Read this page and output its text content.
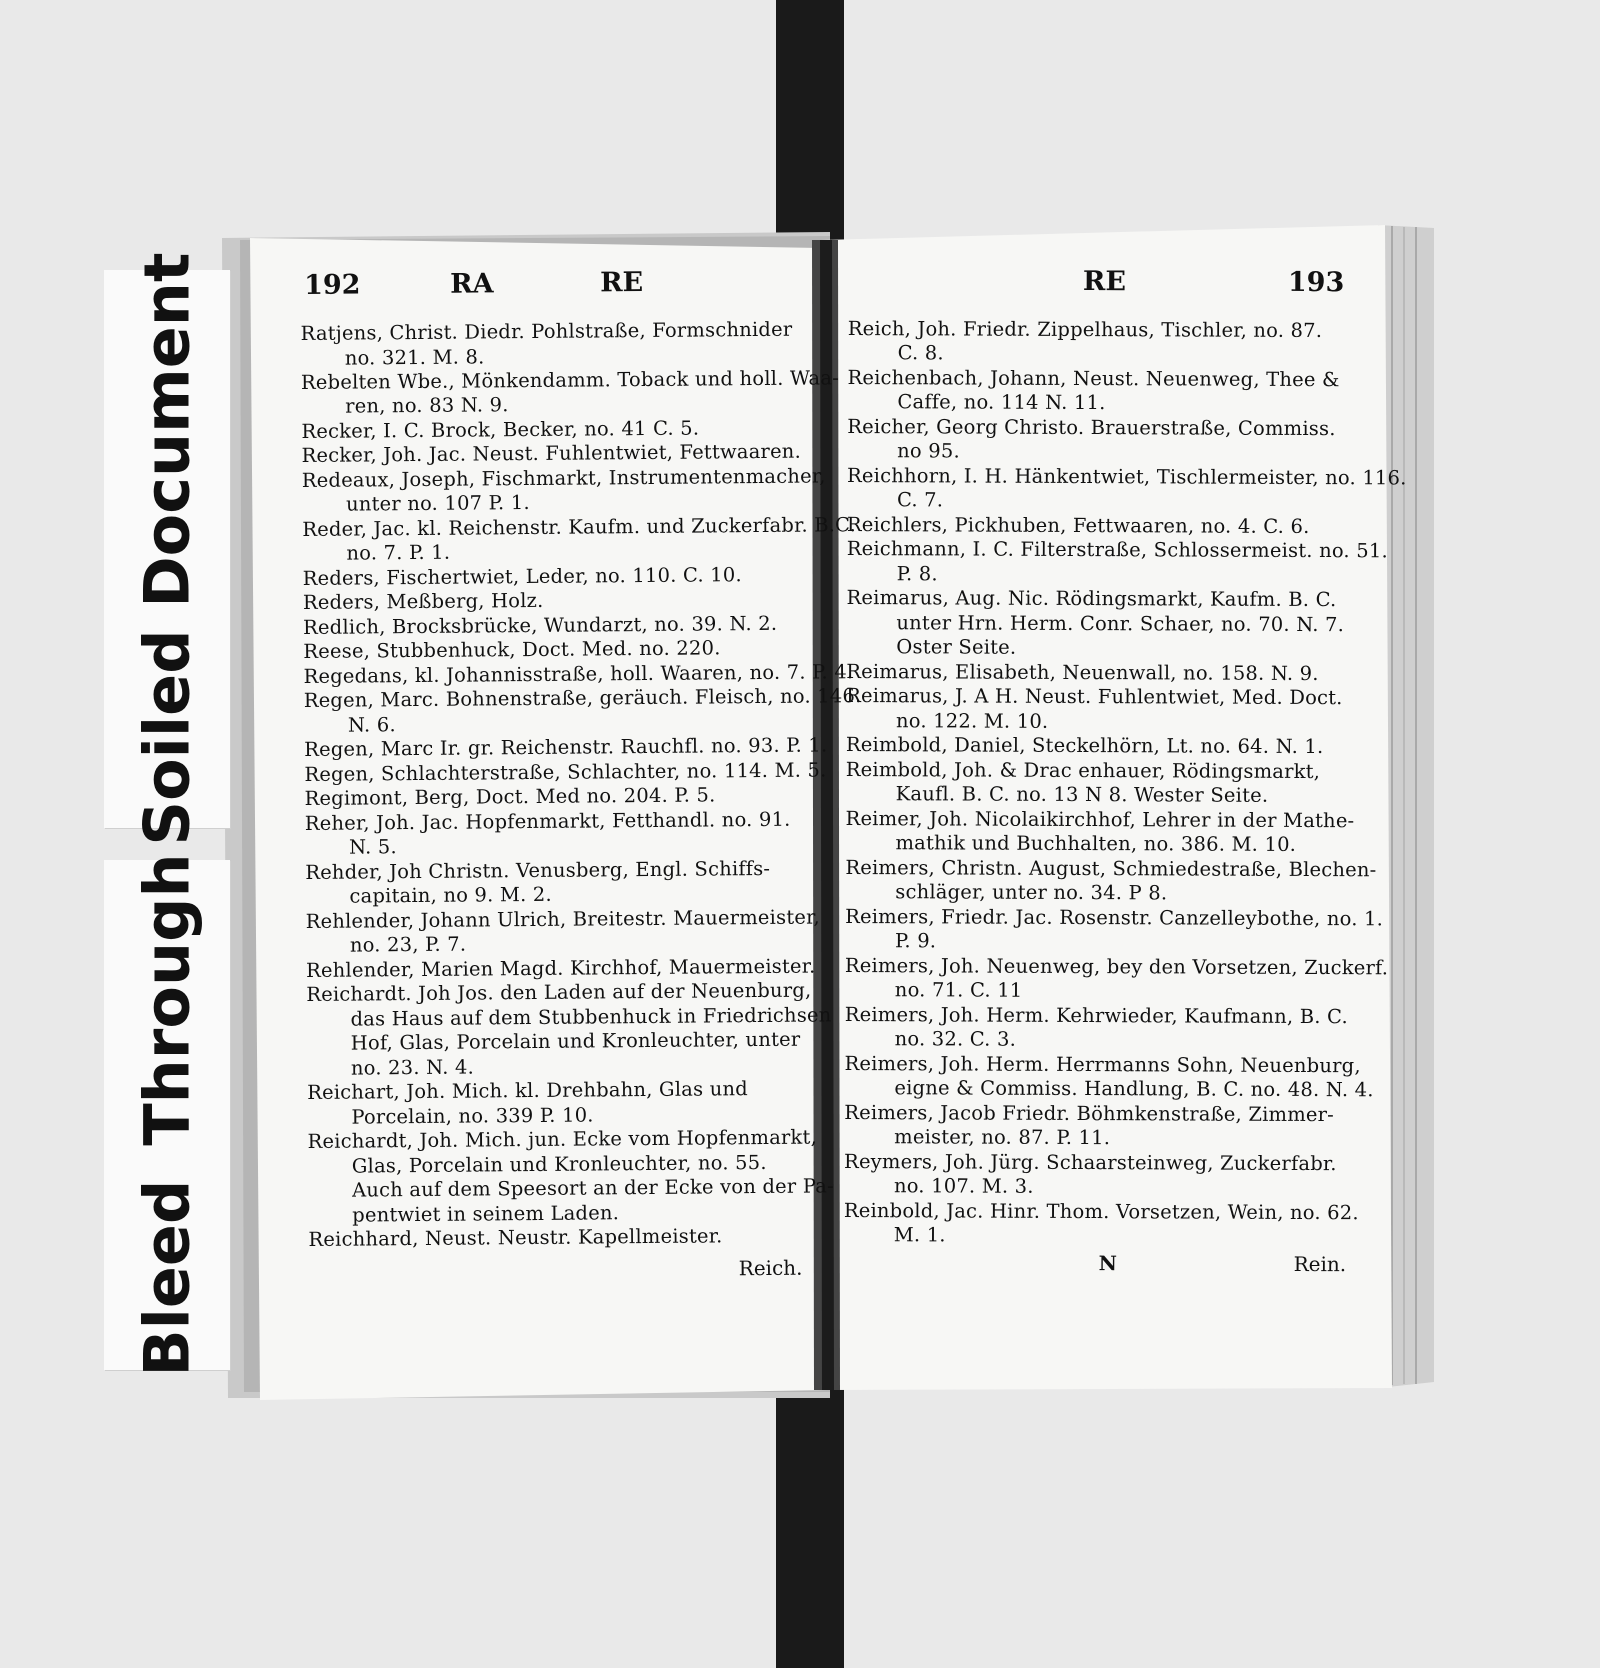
Soiled Document
BleedThrough
192	RA	RE
Ratjens, Christ. Diedr. Pohlstraße, Formschnider
no. 321. M. 8.
Rebelten Wbe., Mönkendamm. Toback und holl. Waa-
ren, no. 83 N. 9.
Recker, I. C. Brock, Becker, no. 41 C. 5.
Recker, Joh. Jac. Neust. Fuhlentwiet, Fettwaaren.
Redeaux, Joseph, Fischmarkt, Instrumentenmacher,
unter no. 107 P. 1.
Reder, Jac. kl. Reichenstr. Kaufm. und Zuckerfabr. B.C.
no. 7. P. 1.
Reders, Fischertwiet, Leder, no. 110. C. 10.
Reders, Meßberg, Holz.
Redlich, Brocksbrücke, Wundarzt, no. 39. N. 2.
Reese, Stubbenhuck, Doct. Med. no. 220.
Regedans, kl. Johannisstraße, holl. Waaren, no. 7. P. 4.
Regen, Marc. Bohnenstraße, geräuch. Fleisch, no. 146.
N. 6.
Regen, Marc Ir. gr. Reichenstr. Rauchfl. no. 93. P. 1.
Regen, Schlachterstraße, Schlachter, no. 114. M. 5.
Regimont, Berg, Doct. Med no. 204. P. 5.
Reher, Joh. Jac. Hopfenmarkt, Fetthandl. no. 91.
N. 5.
Rehder, Joh Christn. Venusberg, Engl. Schiffs-
capitain, no 9. M. 2.
Rehlender, Johann Ulrich, Breitestr. Mauermeister,
no. 23, P. 7.
Rehlender, Marien Magd. Kirchhof, Mauermeister.
Reichardt. Joh Jos. den Laden auf der Neuenburg,
das Haus auf dem Stubbenhuck in Friedrichsen
Hof, Glas, Porcelain und Kronleuchter, unter
no. 23. N. 4.
Reichart, Joh. Mich. kl. Drehbahn, Glas und
Porcelain, no. 339 P. 10.
Reichardt, Joh. Mich. jun. Ecke vom Hopfenmarkt,
Glas, Porcelain und Kronleuchter, no. 55.
Auch auf dem Speesort an der Ecke von der Pa-
pentwiet in seinem Laden.
Reichhard, Neust. Neustr. Kapellmeister.
Reich.
RE	193
Reich, Joh. Friedr. Zippelhaus, Tischler, no. 87.
C. 8.
Reichenbach, Johann, Neust. Neuenweg, Thee &
Caffe, no. 114 N. 11.
Reicher, Georg Christo. Brauerstraße, Commiss.
no 95.
Reichhorn, I. H. Hänkentwiet, Tischlermeister, no. 116.
C. 7.
Reichlers, Pickhuben, Fettwaaren, no. 4. C. 6.
Reichmann, I. C. Filterstraße, Schlossermeist. no. 51.
P. 8.
Reimarus, Aug. Nic. Rödingsmarkt, Kaufm. B. C.
unter Hrn. Herm. Conr. Schaer, no. 70. N. 7.
Oster Seite.
Reimarus, Elisabeth, Neuenwall, no. 158. N. 9.
Reimarus, J. A H. Neust. Fuhlentwiet, Med. Doct.
no. 122. M. 10.
Reimbold, Daniel, Steckelhörn, Lt. no. 64. N. 1.
Reimbold, Joh. & Drac enhauer, Rödingsmarkt,
Kaufl. B. C. no. 13 N 8. Wester Seite.
Reimer, Joh. Nicolaikirchhof, Lehrer in der Mathe-
mathik und Buchhalten, no. 386. M. 10.
Reimers, Christn. August, Schmiedestraße, Blechen-
schläger, unter no. 34. P 8.
Reimers, Friedr. Jac. Rosenstr. Canzelleybothe, no. 1.
P. 9.
Reimers, Joh. Neuenweg, bey den Vorsetzen, Zuckerf.
no. 71. C. 11
Reimers, Joh. Herm. Kehrwieder, Kaufmann, B. C.
no. 32. C. 3.
Reimers, Joh. Herm. Herrmanns Sohn, Neuenburg,
eigne & Commiss. Handlung, B. C. no. 48. N. 4.
Reimers, Jacob Friedr. Böhmkenstraße, Zimmer-
meister, no. 87. P. 11.
Reymers, Joh. Jürg. Schaarsteinweg, Zuckerfabr.
no. 107. M. 3.
Reinbold, Jac. Hinr. Thom. Vorsetzen, Wein, no. 62.
M. 1.
N	Rein.
